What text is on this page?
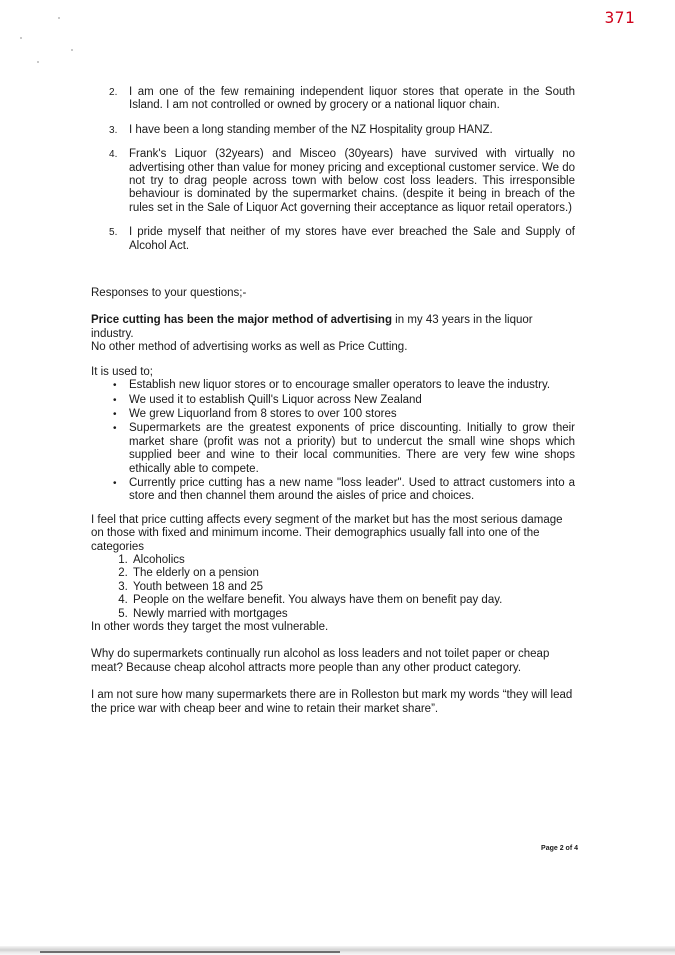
371
I am one of the few remaining independent liquor stores that operate in the South Island. I am not controlled or owned by grocery or a national liquor chain.
I have been a long standing member of the NZ Hospitality group HANZ.
Frank's Liquor (32years) and Misceo (30years) have survived with virtually no advertising other than value for money pricing and exceptional customer service. We do not try to drag people across town with below cost loss leaders. This irresponsible behaviour is dominated by the supermarket chains. (despite it being in breach of the rules set in the Sale of Liquor Act governing their acceptance as liquor retail operators.)
I pride myself that neither of my stores have ever breached the Sale and Supply of Alcohol Act.

Responses to your questions;-

Price cutting has been the major method of advertising in my 43 years in the liquor industry.

No other method of advertising works as well as Price Cutting.

It is used to;

• Establish new liquor stores or to encourage smaller operators to leave the industry.
• We used it to establish Quill's Liquor across New Zealand
• We grew Liquorland from 8 stores to over 100 stores
• Supermarkets are the greatest exponents of price discounting. Initially to grow their market share (profit was not a priority) but to undercut the small wine shops which supplied beer and wine to their local communities. There are very few wine shops ethically able to compete.
• Currently price cutting has a new name "loss leader". Used to attract customers into a store and then channel them around the aisles of price and choices.

I feel that price cutting affects every segment of the market but has the most serious damage on those with fixed and minimum income. Their demographics usually fall into one of the categories

1. Alcoholics
2. The elderly on a pension
3. Youth between 18 and 25
4. People on the welfare benefit. You always have them on benefit pay day.
5. Newly married with mortgages

In other words they target the most vulnerable.

Why do supermarkets continually run alcohol as loss leaders and not toilet paper or cheap meat? Because cheap alcohol attracts more people than any other product category.

I am not sure how many supermarkets there are in Rolleston but mark my words “they will lead the price war with cheap beer and wine to retain their market share”.

Page 2 of 4
